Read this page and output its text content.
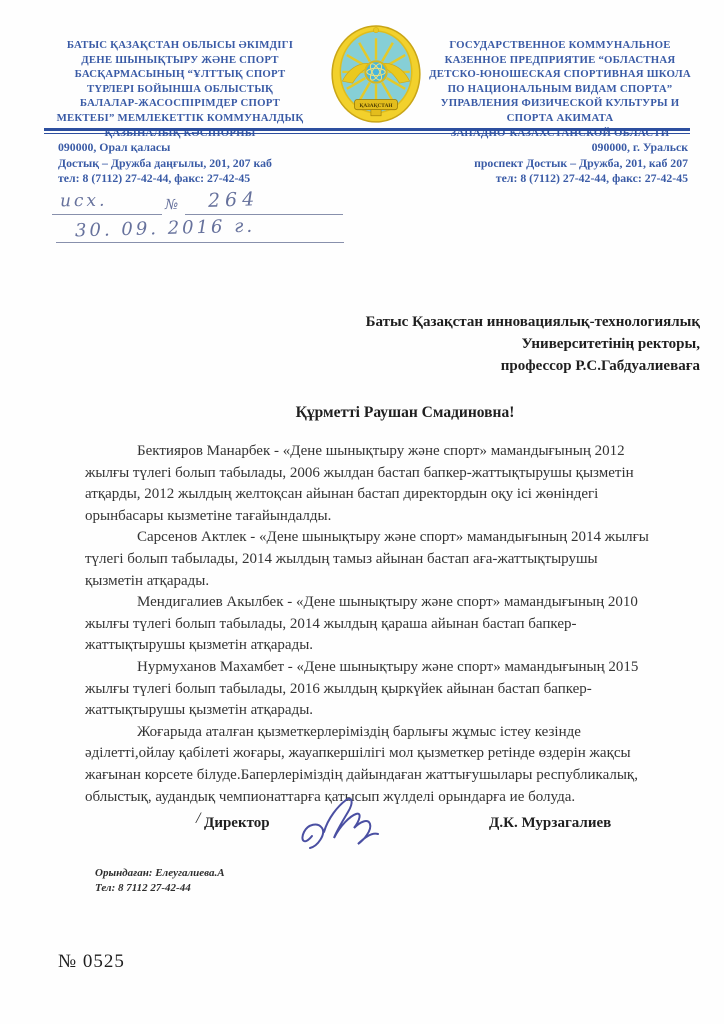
БАТЫС ҚАЗАҚСТАН ОБЛЫСЫ ӘКІМДІГІ
ДЕНЕ ШЫНЫҚТЫРУ ЖӘНЕ СПОРТ
БАСҚАРМАСЫНЫҢ “ҰЛТТЫҚ СПОРТ
ТҮРЛЕРІ БОЙЫНША ОБЛЫСТЫҚ
БАЛАЛАР-ЖАСОСПІРІМДЕР СПОРТ
МЕКТЕБІ” МЕМЛЕКЕТТІК КОММУНАЛДЫҚ
ҚАЗЫНАЛЫҚ КӘСІПОРНЫ
ҚАЗАҚСТАН
ГОСУДАРСТВЕННОЕ КОММУНАЛЬНОЕ
КАЗЕННОЕ ПРЕДПРИЯТИЕ “ОБЛАСТНАЯ
ДЕТСКО-ЮНОШЕСКАЯ СПОРТИВНАЯ ШКОЛА
ПО НАЦИОНАЛЬНЫМ ВИДАМ СПОРТА”
УПРАВЛЕНИЯ ФИЗИЧЕСКОЙ КУЛЬТУРЫ И
СПОРТА АКИМАТА
ЗАПАДНО-КАЗАХСТАНСКОЙ ОБЛАСТИ
090000, Орал қаласы
Достық – Дружба даңғылы, 201, 207 каб
тел: 8 (7112) 27-42-44, факс: 27-42-45
090000, г. Уральск
проспект Достык – Дружба, 201, каб 207
тел: 8 (7112) 27-42-44, факс: 27-42-45
исх.	№ 264
30. 09. 2016 г.
Батыс Қазақстан инновациялық-технологиялық
Университетінің ректоры,
профессор Р.С.Габдуалиеваға
Құрметті Раушан Смадиновна!

Бектияров Манарбек - «Дене шынықтыру және спорт» мамандығының 2012 жылғы түлегі болып табылады, 2006 жылдан бастап бапкер-жаттықтырушы қызметін атқарды, 2012 жылдың желтоқсан айынан бастап директордын оқу ісі жөніндегі орынбасары кызметіне тағайындалды.

Сарсенов Актлек - «Дене шынықтыру және спорт» мамандығының 2014 жылғы түлегі болып табылады, 2014 жылдың тамыз айынан бастап аға-жаттықтырушы қызметін атқарады.

Мендигалиев Акылбек - «Дене шынықтыру және спорт» мамандығының 2010 жылғы түлегі болып табылады, 2014 жылдың қараша айынан бастап бапкер-жаттықтырушы қызметін атқарады.

Нурмуханов Махамбет - «Дене шынықтыру және спорт» мамандығының 2015 жылғы түлегі болып табылады, 2016 жылдың қыркүйек айынан бастап бапкер-жаттықтырушы қызметін атқарады.

Жоғарыда аталған қызметкерлеріміздің барлығы жұмыс істеу кезінде әділетті,ойлау қабілеті жоғары, жауапкершілігі мол қызметкер ретінде өздерін жақсы жағынан корсете білуде.Баперлеріміздің дайындаған жаттығушылары республикалық, облыстық, аудандық чемпионаттарға қатысып жүлделі орындарға ие болуда.

/ Директор	Д.К. Мурзагалиев
Орындаған: Елеугалиева.А
Тел: 8 7112 27-42-44
№ 0525
